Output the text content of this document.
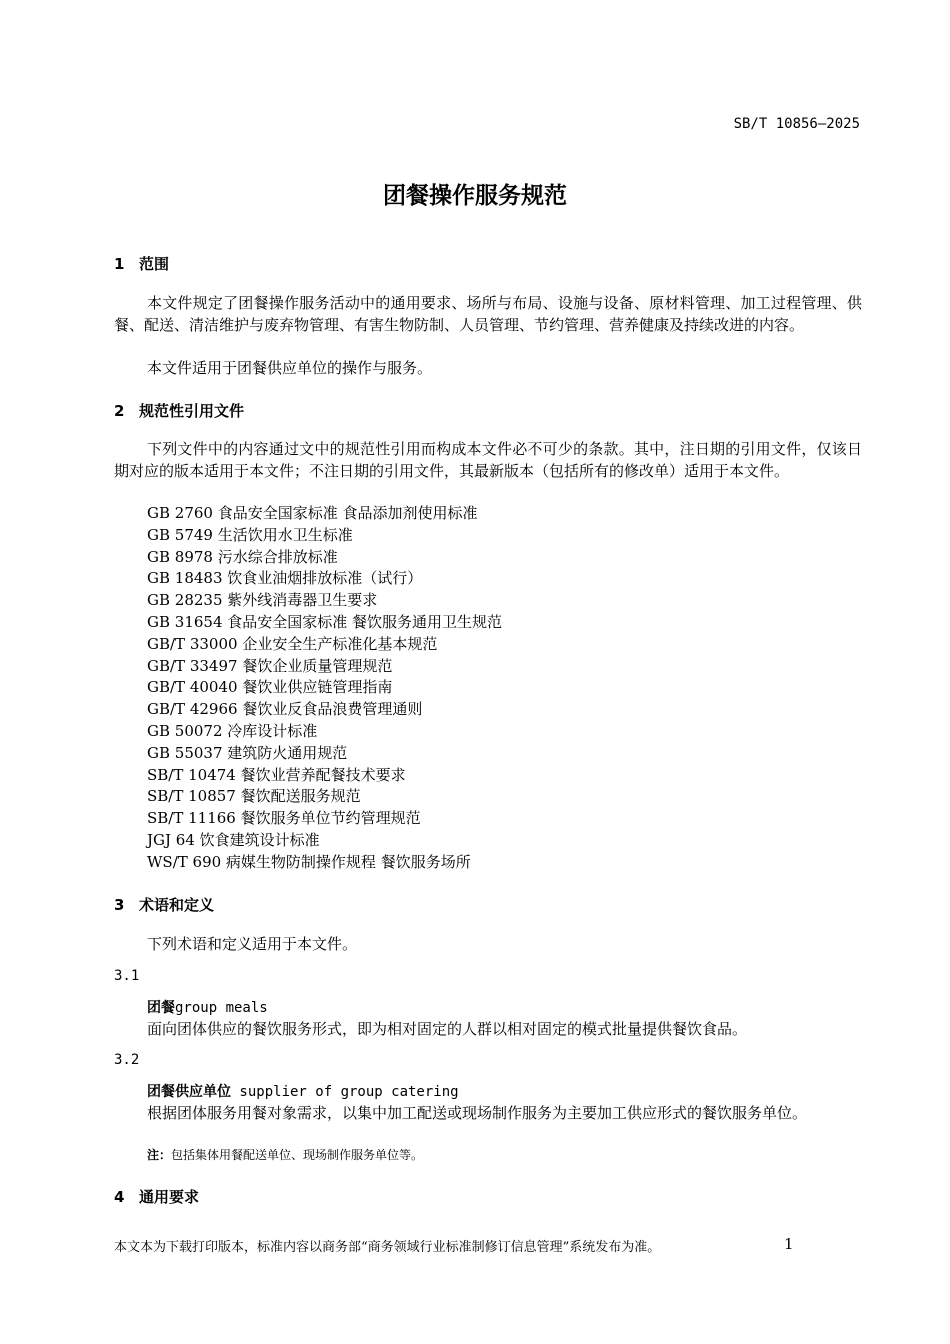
SB/T 10856—2025
团餐操作服务规范
1 范围
本文件规定了团餐操作服务活动中的通用要求、场所与布局、设施与设备、原材料管理、加工过程管理、供餐、配送、清洁维护与废弃物管理、有害生物防制、人员管理、节约管理、营养健康及持续改进的内容。
本文件适用于团餐供应单位的操作与服务。
2 规范性引用文件
下列文件中的内容通过文中的规范性引用而构成本文件必不可少的条款。其中，注日期的引用文件，仅该日期对应的版本适用于本文件；不注日期的引用文件，其最新版本（包括所有的修改单）适用于本文件。
GB 2760 食品安全国家标准 食品添加剂使用标准
GB 5749 生活饮用水卫生标准
GB 8978 污水综合排放标准
GB 18483 饮食业油烟排放标准（试行）
GB 28235 紫外线消毒器卫生要求
GB 31654 食品安全国家标准 餐饮服务通用卫生规范
GB/T 33000 企业安全生产标准化基本规范
GB/T 33497 餐饮企业质量管理规范
GB/T 40040 餐饮业供应链管理指南
GB/T 42966 餐饮业反食品浪费管理通则
GB 50072 冷库设计标准
GB 55037 建筑防火通用规范
SB/T 10474 餐饮业营养配餐技术要求
SB/T 10857 餐饮配送服务规范
SB/T 11166 餐饮服务单位节约管理规范
JGJ 64 饮食建筑设计标准
WS/T 690 病媒生物防制操作规程 餐饮服务场所
3 术语和定义
下列术语和定义适用于本文件。
3.1
团餐group meals
面向团体供应的餐饮服务形式，即为相对固定的人群以相对固定的模式批量提供餐饮食品。
3.2
团餐供应单位 supplier of group catering
根据团体服务用餐对象需求，以集中加工配送或现场制作服务为主要加工供应形式的餐饮服务单位。
注：包括集体用餐配送单位、现场制作服务单位等。
4 通用要求
本文本为下载打印版本，标准内容以商务部“商务领域行业标准制修订信息管理”系统发布为准。	1
